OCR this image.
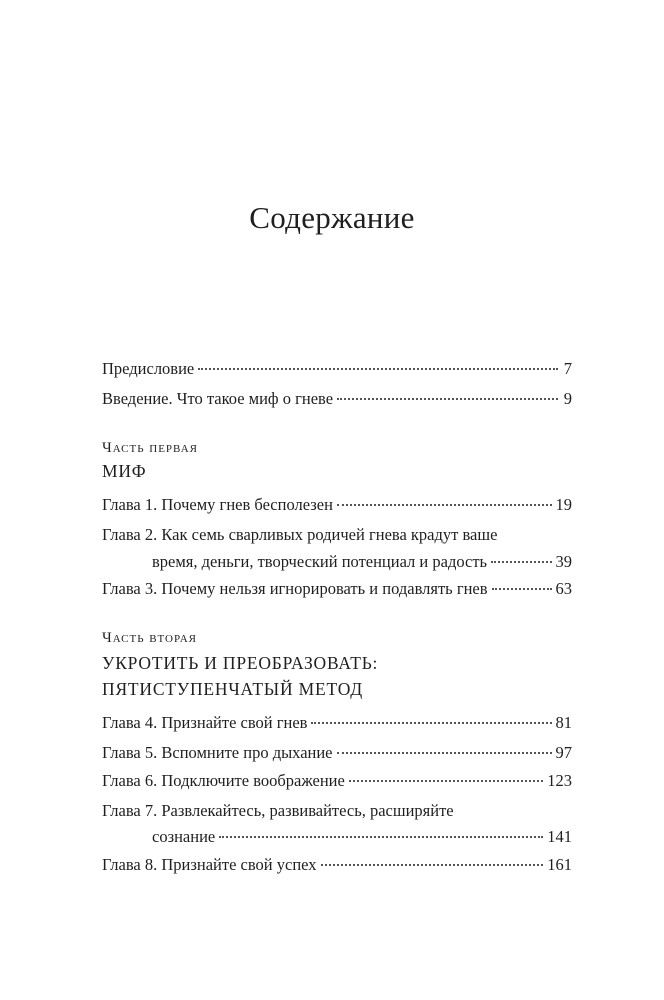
Содержание
Предисловие	7
Введение. Что такое миф о гневе	9
Часть первая
МИФ
Глава 1. Почему гнев бесполезен	19
Глава 2. Как семь сварливых родичей гнева крадут ваше
время, деньги, творческий потенциал и радость	39
Глава 3. Почему нельзя игнорировать и подавлять гнев	63
Часть вторая
УКРОТИТЬ И ПРЕОБРАЗОВАТЬ:
ПЯТИСТУПЕНЧАТЫЙ МЕТОД
Глава 4. Признайте свой гнев	81
Глава 5. Вспомните про дыхание	97
Глава 6. Подключите воображение	123
Глава 7. Развлекайтесь, развивайтесь, расширяйте
сознание	141
Глава 8. Признайте свой успех	161
